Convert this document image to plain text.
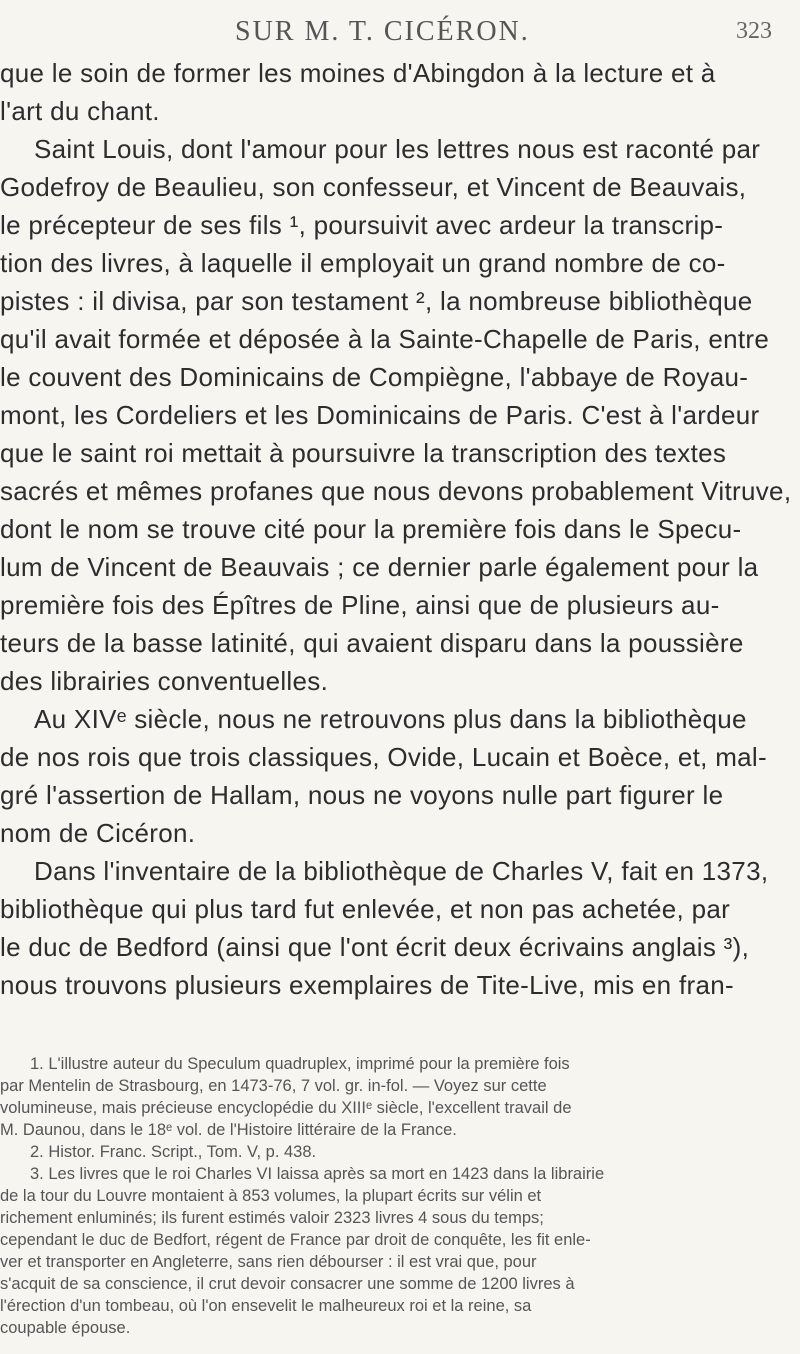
SUR M. T. CICÉRON.	323
que le soin de former les moines d'Abingdon à la lecture et à
l'art du chant.
Saint Louis, dont l'amour pour les lettres nous est raconté par
Godefroy de Beaulieu, son confesseur, et Vincent de Beauvais,
le précepteur de ses fils ¹, poursuivit avec ardeur la transcrip-
tion des livres, à laquelle il employait un grand nombre de co-
pistes : il divisa, par son testament ², la nombreuse bibliothèque
qu'il avait formée et déposée à la Sainte-Chapelle de Paris, entre
le couvent des Dominicains de Compiègne, l'abbaye de Royau-
mont, les Cordeliers et les Dominicains de Paris. C'est à l'ardeur
que le saint roi mettait à poursuivre la transcription des textes
sacrés et mêmes profanes que nous devons probablement Vitruve,
dont le nom se trouve cité pour la première fois dans le Specu-
lum de Vincent de Beauvais ; ce dernier parle également pour la
première fois des Épîtres de Pline, ainsi que de plusieurs au-
teurs de la basse latinité, qui avaient disparu dans la poussière
des librairies conventuelles.
Au XIVᵉ siècle, nous ne retrouvons plus dans la bibliothèque
de nos rois que trois classiques, Ovide, Lucain et Boèce, et, mal-
gré l'assertion de Hallam, nous ne voyons nulle part figurer le
nom de Cicéron.
Dans l'inventaire de la bibliothèque de Charles V, fait en 1373,
bibliothèque qui plus tard fut enlevée, et non pas achetée, par
le duc de Bedford (ainsi que l'ont écrit deux écrivains anglais ³),
nous trouvons plusieurs exemplaires de Tite-Live, mis en fran-
1. L'illustre auteur du Speculum quadruplex, imprimé pour la première fois
par Mentelin de Strasbourg, en 1473-76, 7 vol. gr. in-fol. — Voyez sur cette
volumineuse, mais précieuse encyclopédie du XIIIᵉ siècle, l'excellent travail de
M. Daunou, dans le 18ᵉ vol. de l'Histoire littéraire de la France.
2. Histor. Franc. Script., Tom. V, p. 438.
3. Les livres que le roi Charles VI laissa après sa mort en 1423 dans la librairie
de la tour du Louvre montaient à 853 volumes, la plupart écrits sur vélin et
richement enluminés; ils furent estimés valoir 2323 livres 4 sous du temps;
cependant le duc de Bedfort, régent de France par droit de conquête, les fit enle-
ver et transporter en Angleterre, sans rien débourser : il est vrai que, pour
s'acquit de sa conscience, il crut devoir consacrer une somme de 1200 livres à
l'érection d'un tombeau, où l'on ensevelit le malheureux roi et la reine, sa
coupable épouse.
